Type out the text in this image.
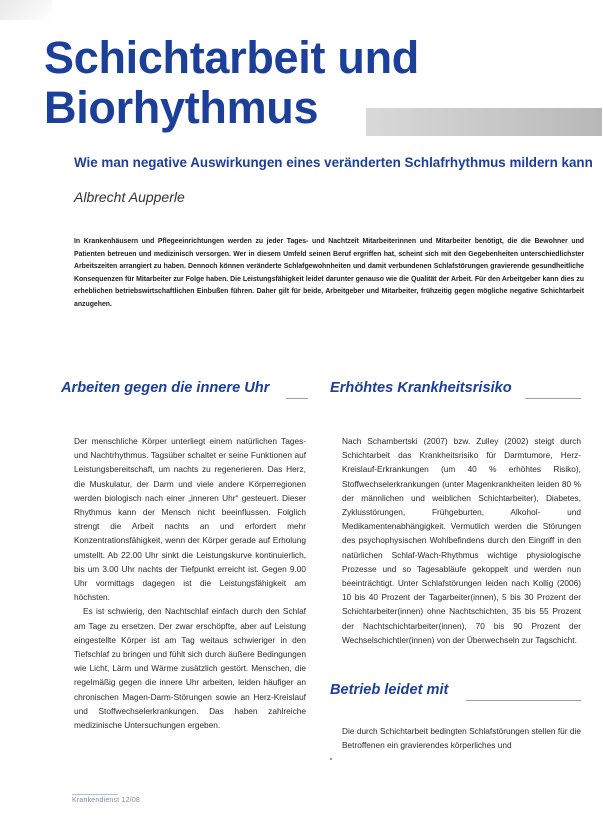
Schichtarbeit und
Biorhythmus
Wie man negative Auswirkungen eines veränderten Schlafrhythmus mildern kann

Albrecht Aupperle

In Krankenhäusern und Pflegeeinrichtungen werden zu jeder Tages- und Nachtzeit Mitarbeiterinnen und Mitarbeiter benötigt, die die Bewohner und Patienten betreuen und medizinisch versorgen. Wer in diesem Umfeld seinen Beruf ergriffen hat, scheint sich mit den Gegebenheiten unterschiedlichster Arbeitszeiten arrangiert zu haben. Dennoch können veränderte Schlafgewohnheiten und damit verbundenen Schlafstörungen gravierende gesundheitliche Konsequenzen für Mitarbeiter zur Folge haben. Die Leistungsfähigkeit leidet darunter genauso wie die Qualität der Arbeit. Für den Arbeitgeber kann dies zu erheblichen betriebswirtschaftlichen Einbußen führen. Daher gilt für beide, Arbeitgeber und Mitarbeiter, frühzeitig gegen mögliche negative Schichtarbeit anzugehen.

Arbeiten gegen die innere Uhr	Erhöhtes Krankheitsrisiko

Der menschliche Körper unterliegt einem natürlichen Tages- und Nachtrhythmus. Tagsüber schaltet er seine Funktionen auf Leistungsbereitschaft, um nachts zu regenerieren. Das Herz, die Muskulatur, der Darm und viele andere Körperregionen werden biologisch nach einer „inneren Uhr“ gesteuert. Dieser Rhythmus kann der Mensch nicht beeinflussen. Folglich strengt die Arbeit nachts an und erfordert mehr Konzentrationsfähigkeit, wenn der Körper gerade auf Erholung umstellt. Ab 22.00 Uhr sinkt die Leistungskurve kontinuierlich, bis um 3.00 Uhr nachts der Tiefpunkt erreicht ist. Gegen 9.00 Uhr vormittags dagegen ist die Leistungsfähigkeit am höchsten.

Es ist schwierig, den Nachtschlaf einfach durch den Schlaf am Tage zu ersetzen. Der zwar erschöpfte, aber auf Leistung eingestellte Körper ist am Tag weitaus schwieriger in den Tiefschlaf zu bringen und fühlt sich durch äußere Bedingungen wie Licht, Lärm und Wärme zusätzlich gestört. Menschen, die regelmäßig gegen die innere Uhr arbeiten, leiden häufiger an chronischen Magen-Darm-Störungen sowie an Herz-Kreislauf und Stoffwechselerkrankungen. Das haben zahlreiche medizinische Untersuchungen ergeben.

Nach Schambertski (2007) bzw. Zulley (2002) steigt durch Schichtarbeit das Krankheitsrisiko für Darmtumore, Herz-Kreislauf-Erkrankungen (um 40 % erhöhtes Risiko), Stoffwechselerkrankungen (unter Magenkrankheiten leiden 80 % der männlichen und weiblichen Schichtarbeiter), Diabetes, Zyklusstörungen, Frühgeburten, Alkohol- und Medikamentenabhängigkeit. Vermutlich werden die Störungen des psychophysischen Wohlbefindens durch den Eingriff in den natürlichen Schlaf-Wach-Rhythmus wichtige physiologische Prozesse und so Tagesabläufe gekoppelt und werden nun beeinträchtigt. Unter Schlafstörungen leiden nach Kollig (2006) 10 bis 40 Prozent der Tagarbeiter(innen), 5 bis 30 Prozent der Schichtarbeiter(innen) ohne Nachtschichten, 35 bis 55 Prozent der Nachtschichtarbeiter(innen), 70 bis 90 Prozent der Wechselschichtler(innen) von der Überwechseln zur Tagschicht.

Betrieb leidet mit

Die durch Schichtarbeit bedingten Schlafstörungen stellen für die Betroffenen ein gravierendes körperliches und

Krankendienst 12/08
